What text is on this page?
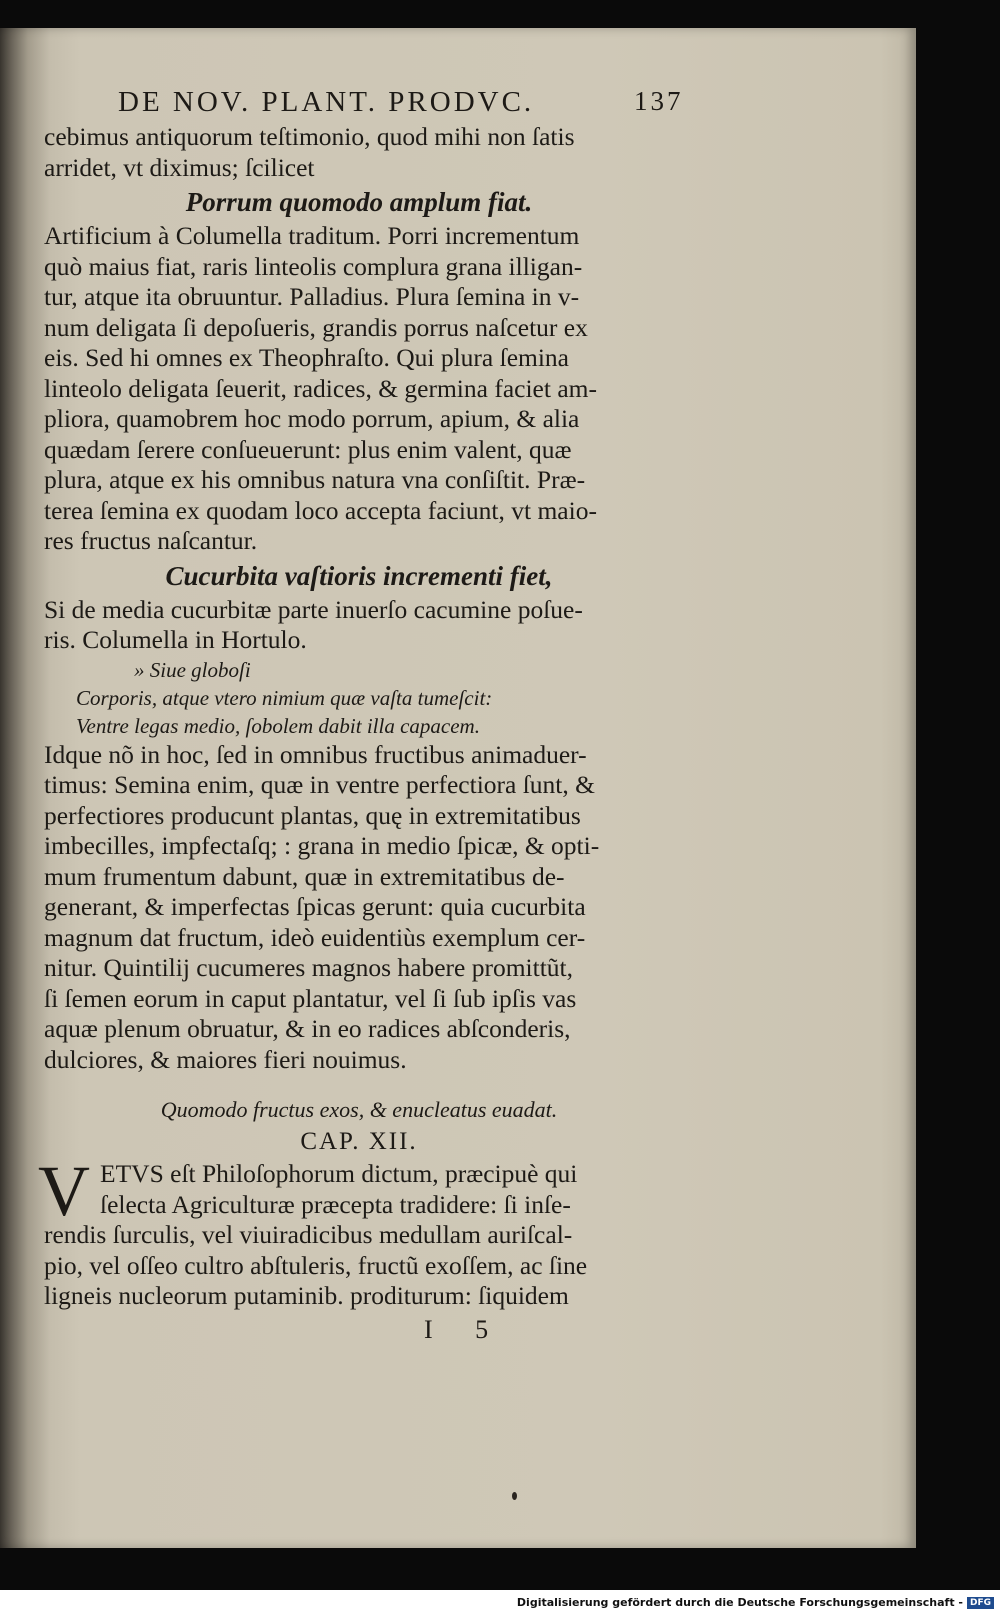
DE NOV. PLANT. PRODVC.	137
cebimus antiquorum teſtimonio, quod mihi non ſatis
arridet, vt diximus; ſcilicet
Porrum quomodo amplum fiat.
Artificium à Columella traditum. Porri incrementum
quò maius fiat, raris linteolis complura grana illigan-
tur, atque ita obruuntur. Palladius. Plura ſemina in v-
num deligata ſi depoſueris, grandis porrus naſcetur ex
eis. Sed hi omnes ex Theophraſto. Qui plura ſemina
linteolo deligata ſeuerit, radices, & germina faciet am-
pliora, quamobrem hoc modo porrum, apium, & alia
quædam ſerere conſueuerunt: plus enim valent, quæ
plura, atque ex his omnibus natura vna conſiſtit. Præ-
terea ſemina ex quodam loco accepta faciunt, vt maio-
res fructus naſcantur.
Cucurbita vaſtioris incrementi fiet,
Si de media cucurbitæ parte inuerſo cacumine poſue-
ris. Columella in Hortulo.
» Siue globoſi
Corporis, atque vtero nimium quæ vaſta tumeſcit:
Ventre legas medio, ſobolem dabit illa capacem.
Idque nõ in hoc, ſed in omnibus fructibus animaduer-
timus: Semina enim, quæ in ventre perfectiora ſunt, &
perfectiores producunt plantas, quę in extremitatibus
imbecilles, impfectaſq; : grana in medio ſpicæ, & opti-
mum frumentum dabunt, quæ in extremitatibus de-
generant, & imperfectas ſpicas gerunt: quia cucurbita
magnum dat fructum, ideò euidentiùs exemplum cer-
nitur. Quintilij cucumeres magnos habere promittũt,
ſi ſemen eorum in caput plantatur, vel ſi ſub ipſis vas
aquæ plenum obruatur, & in eo radices abſconderis,
dulciores, & maiores fieri nouimus.
Quomodo fructus exos, & enucleatus euadat.
CAP. XII.
V ETVS eſt Philoſophorum dictum, præcipuè qui
ſelecta Agriculturæ præcepta tradidere: ſi inſe-
rendis ſurculis, vel viuiradicibus medullam auriſcal-
pio, vel oſſeo cultro abſtuleris, fructũ exoſſem, ac ſine
ligneis nucleorum putaminib. proditurum: ſiquidem
I 5
Digitalisierung gefördert durch die Deutsche Forschungsgemeinschaft - DFG
